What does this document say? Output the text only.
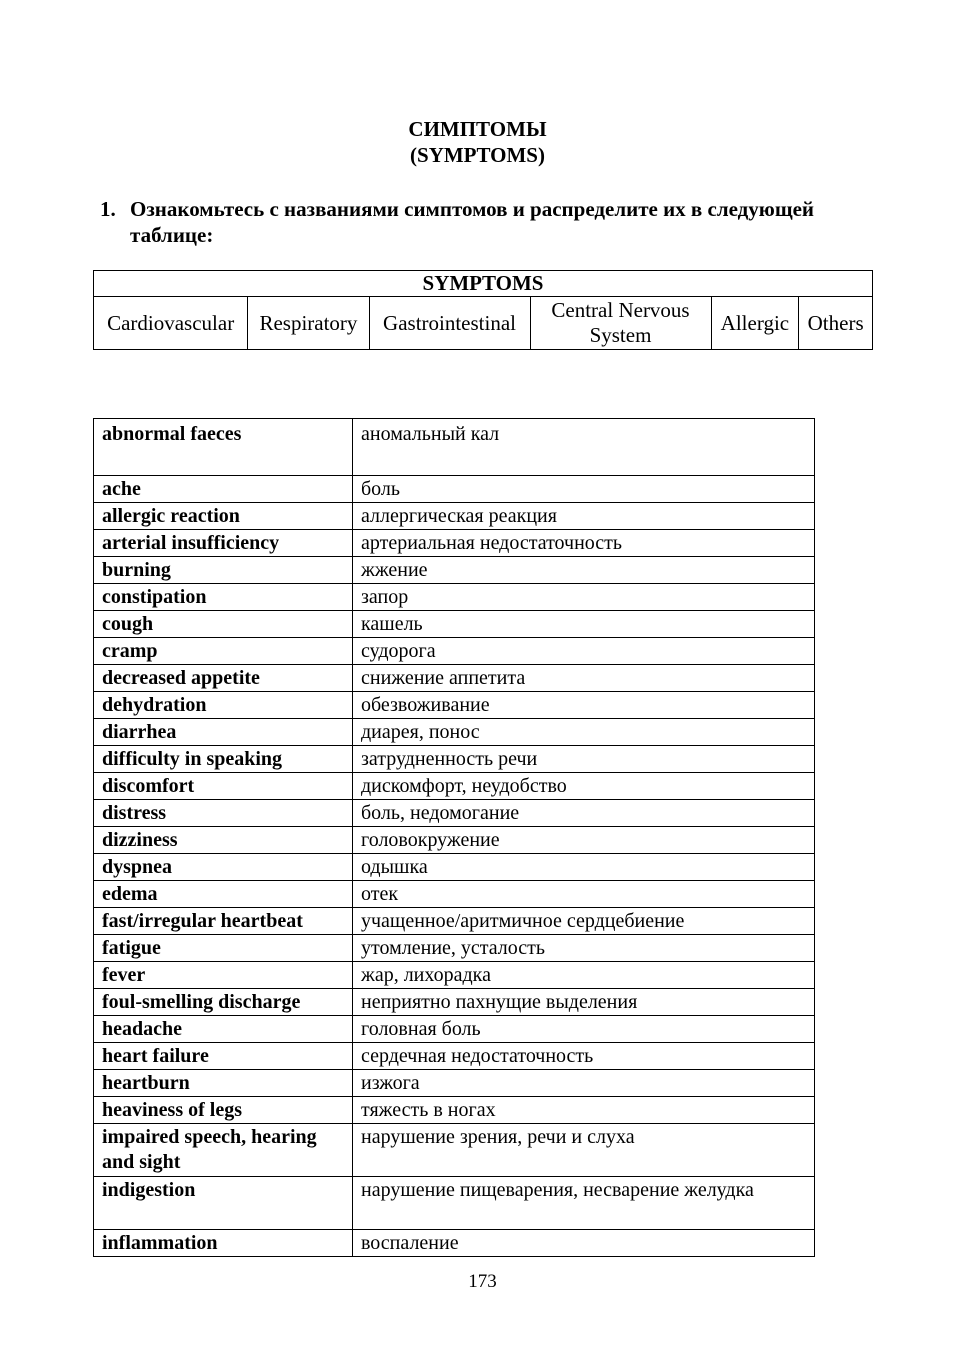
СИМПТОМЫ
(SYMPTOMS)
1. Ознакомьтесь с названиями симптомов и распределите их в следующей таблице:
SYMPTOMS
Cardiovascular	Respiratory	Gastrointestinal	Central Nervous System	Allergic	Others
abnormal faeces	аномальный кал
ache	боль
allergic reaction	аллергическая реакция
arterial insufficiency	артериальная недостаточность
burning	жжение
constipation	запор
cough	кашель
cramp	судорога
decreased appetite	снижение аппетита
dehydration	обезвоживание
diarrhea	диарея, понос
difficulty in speaking	затрудненность речи
discomfort	дискомфорт, неудобство
distress	боль, недомогание
dizziness	головокружение
dyspnea	одышка
edema	отек
fast/irregular heartbeat	учащенное/аритмичное сердцебиение
fatigue	утомление, усталость
fever	жар, лихорадка
foul-smelling discharge	неприятно пахнущие выделения
headache	головная боль
heart failure	сердечная недостаточность
heartburn	изжога
heaviness of legs	тяжесть в ногах
impaired speech, hearing and sight	нарушение зрения, речи и слуха
indigestion	нарушение пищеварения, несварение желудка
inflammation	воспаление
173
